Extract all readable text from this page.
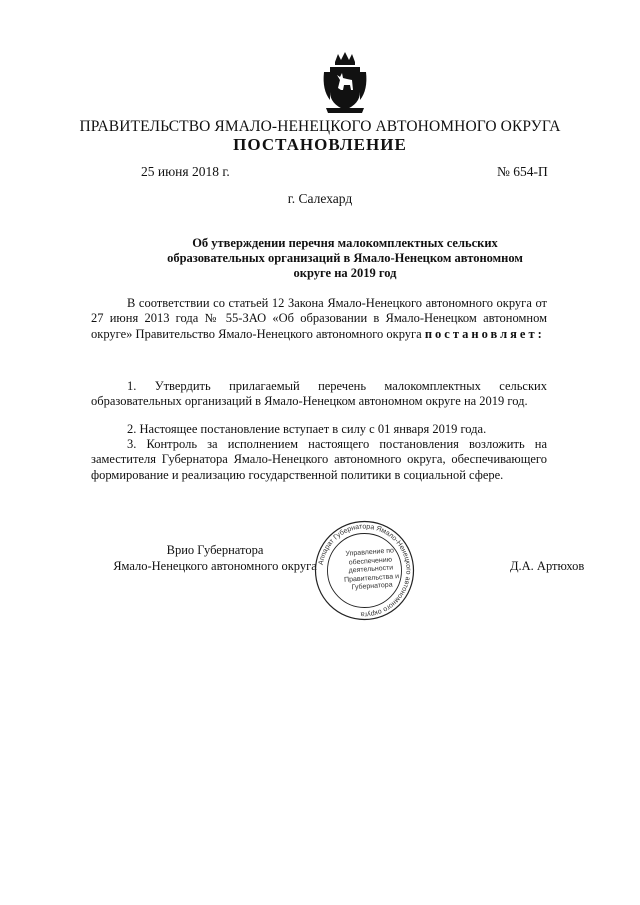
ПРАВИТЕЛЬСТВО ЯМАЛО-НЕНЕЦКОГО АВТОНОМНОГО ОКРУГА
ПОСТАНОВЛЕНИЕ
25 июня 2018 г.	№ 654-П
г. Салехард
Об утверждении перечня малокомплектных сельских образовательных организаций в Ямало-Ненецком автономном округе на 2019 год
В соответствии со статьей 12 Закона Ямало-Ненецкого автономного округа от 27 июня 2013 года № 55-ЗАО «Об образовании в Ямало-Ненецком автономном округе» Правительство Ямало-Ненецкого автономного округа постановляет:
1. Утвердить прилагаемый перечень малокомплектных сельских образовательных организаций в Ямало-Ненецком автономном округе на 2019 год.
2. Настоящее постановление вступает в силу с 01 января 2019 года.
3. Контроль за исполнением настоящего постановления возложить на заместителя Губернатора Ямало-Ненецкого автономного округа, обеспечивающего формирование и реализацию государственной политики в социальной сфере.
Врио Губернатора
Ямало-Ненецкого автономного округа	Д.А. Артюхов
Аппарат Губернатора Ямало-Ненецкого автономного округа
Управление по обеспечению деятельности Правительства и Губернатора
